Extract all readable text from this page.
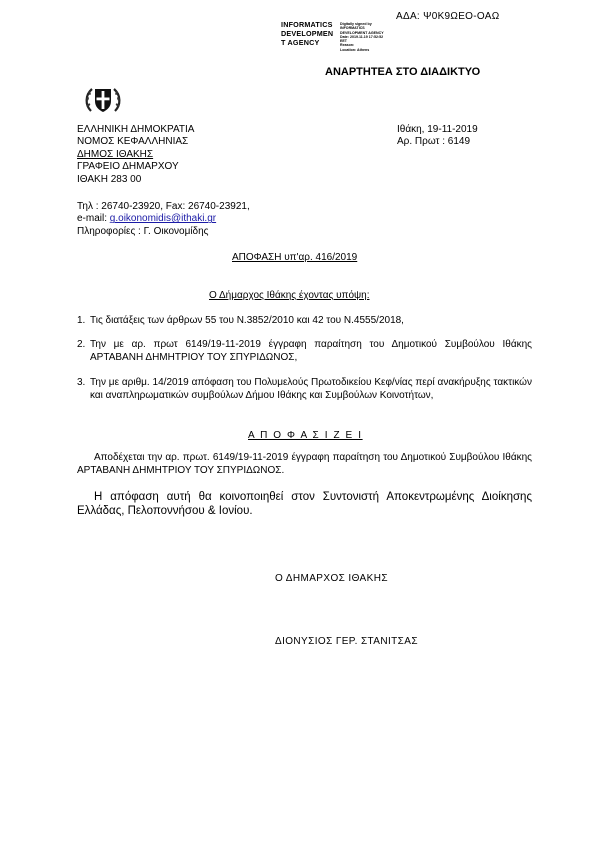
ΑΔΑ: Ψ0Κ9ΩΕΟ-ΟΑΩ
INFORMATICS
DEVELOPMEN
T AGENCY
Digitally signed by
INFORMATICS
DEVELOPMENT AGENCY
Date: 2019.11.19 17:52:52
EET
Reason:
Location: Athens
ΑΝΑΡΤΗΤΕΑ ΣΤΟ ΔΙΑΔΙΚΤΥΟ
ΕΛΛΗΝΙΚΗ ΔΗΜΟΚΡΑΤΙΑ
ΝΟΜΟΣ ΚΕΦΑΛΛΗΝΙΑΣ
ΔΗΜΟΣ ΙΘΑΚΗΣ
ΓΡΑΦΕΙΟ ΔΗΜΑΡΧΟΥ
ΙΘΑΚΗ 283 00
Ιθάκη, 19-11-2019
Αρ. Πρωτ : 6149
Τηλ : 26740-23920, Fax: 26740-23921,
e-mail: g.oikonomidis@ithaki.gr
Πληροφορίες : Γ. Οικονομίδης
ΑΠΟΦΑΣΗ υπ'αρ. 416/2019
Ο Δήμαρχος Ιθάκης έχοντας υπόψη:
1. Τις διατάξεις των άρθρων 55 του Ν.3852/2010 και 42 του Ν.4555/2018,
2. Την με αρ. πρωτ 6149/19-11-2019 έγγραφη παραίτηση του Δημοτικού Συμβούλου Ιθάκης ΑΡΤΑΒΑΝΗ ΔΗΜΗΤΡΙΟΥ ΤΟΥ ΣΠΥΡΙΔΩΝΟΣ,
3. Την με αριθμ. 14/2019 απόφαση του Πολυμελούς Πρωτοδικείου Κεφ/νίας περί ανακήρυξης τακτικών και αναπληρωματικών συμβούλων Δήμου Ιθάκης και Συμβούλων Κοινοτήτων,
Α Π Ο Φ Α Σ Ι Ζ Ε Ι
Αποδέχεται την αρ. πρωτ. 6149/19-11-2019 έγγραφη παραίτηση του Δημοτικού Συμβούλου Ιθάκης ΑΡΤΑΒΑΝΗ ΔΗΜΗΤΡΙΟΥ ΤΟΥ ΣΠΥΡΙΔΩΝΟΣ.
Η απόφαση αυτή θα κοινοποιηθεί στον Συντονιστή Αποκεντρωμένης Διοίκησης Ελλάδας, Πελοποννήσου & Ιονίου.
Ο ΔΗΜΑΡΧΟΣ ΙΘΑΚΗΣ
ΔΙΟΝΥΣΙΟΣ ΓΕΡ. ΣΤΑΝΙΤΣΑΣ
